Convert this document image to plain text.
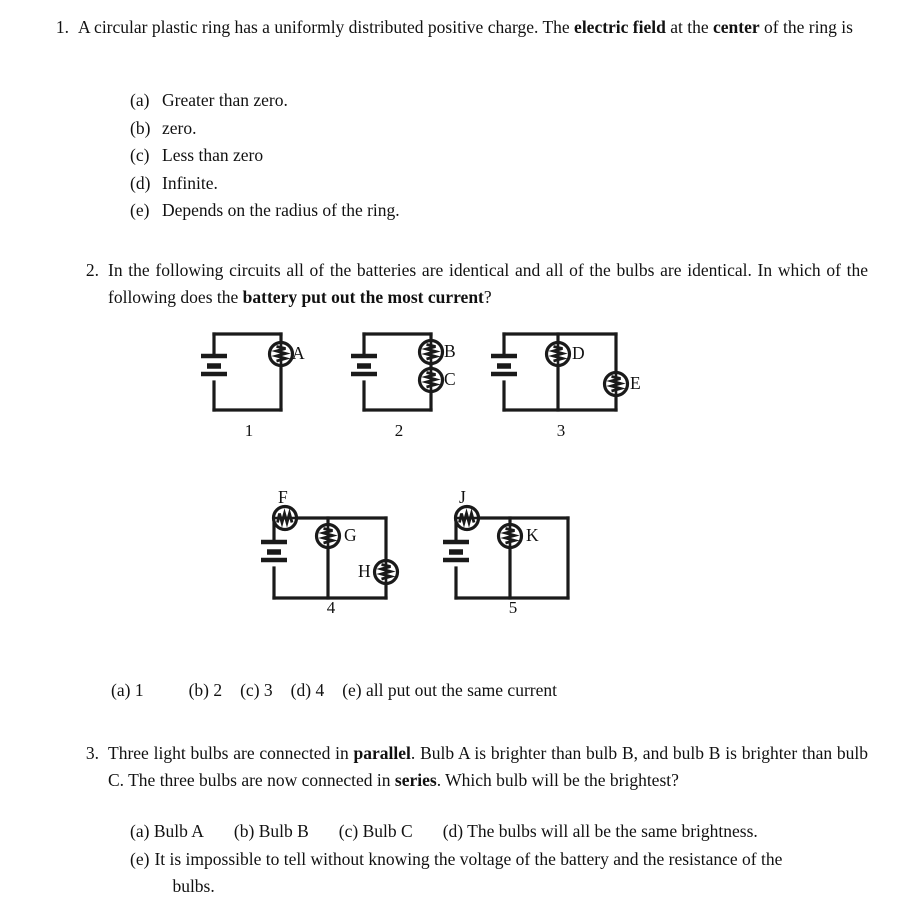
1. A circular plastic ring has a uniformly distributed positive charge. The electric field at the center of the ring is
(a) Greater than zero.
(b) zero.
(c) Less than zero
(d) Infinite.
(e) Depends on the radius of the ring.
2. In the following circuits all of the batteries are identical and all of the bulbs are identical. In which of the following does the battery put out the most current?
A
1
B
C
2
D
E
3
F
G
H
4
J
K
5
(a) 1	(b) 2 (c) 3 (d) 4 (e) all put out the same current
3. Three light bulbs are connected in parallel. Bulb A is brighter than bulb B, and bulb B is brighter than bulb C. The three bulbs are now connected in series. Which bulb will be the brightest?
(a) Bulb A (b) Bulb B (c) Bulb C (d) The bulbs will all be the same brightness.
(e) It is impossible to tell without knowing the voltage of the battery and the resistance of the
bulbs.
